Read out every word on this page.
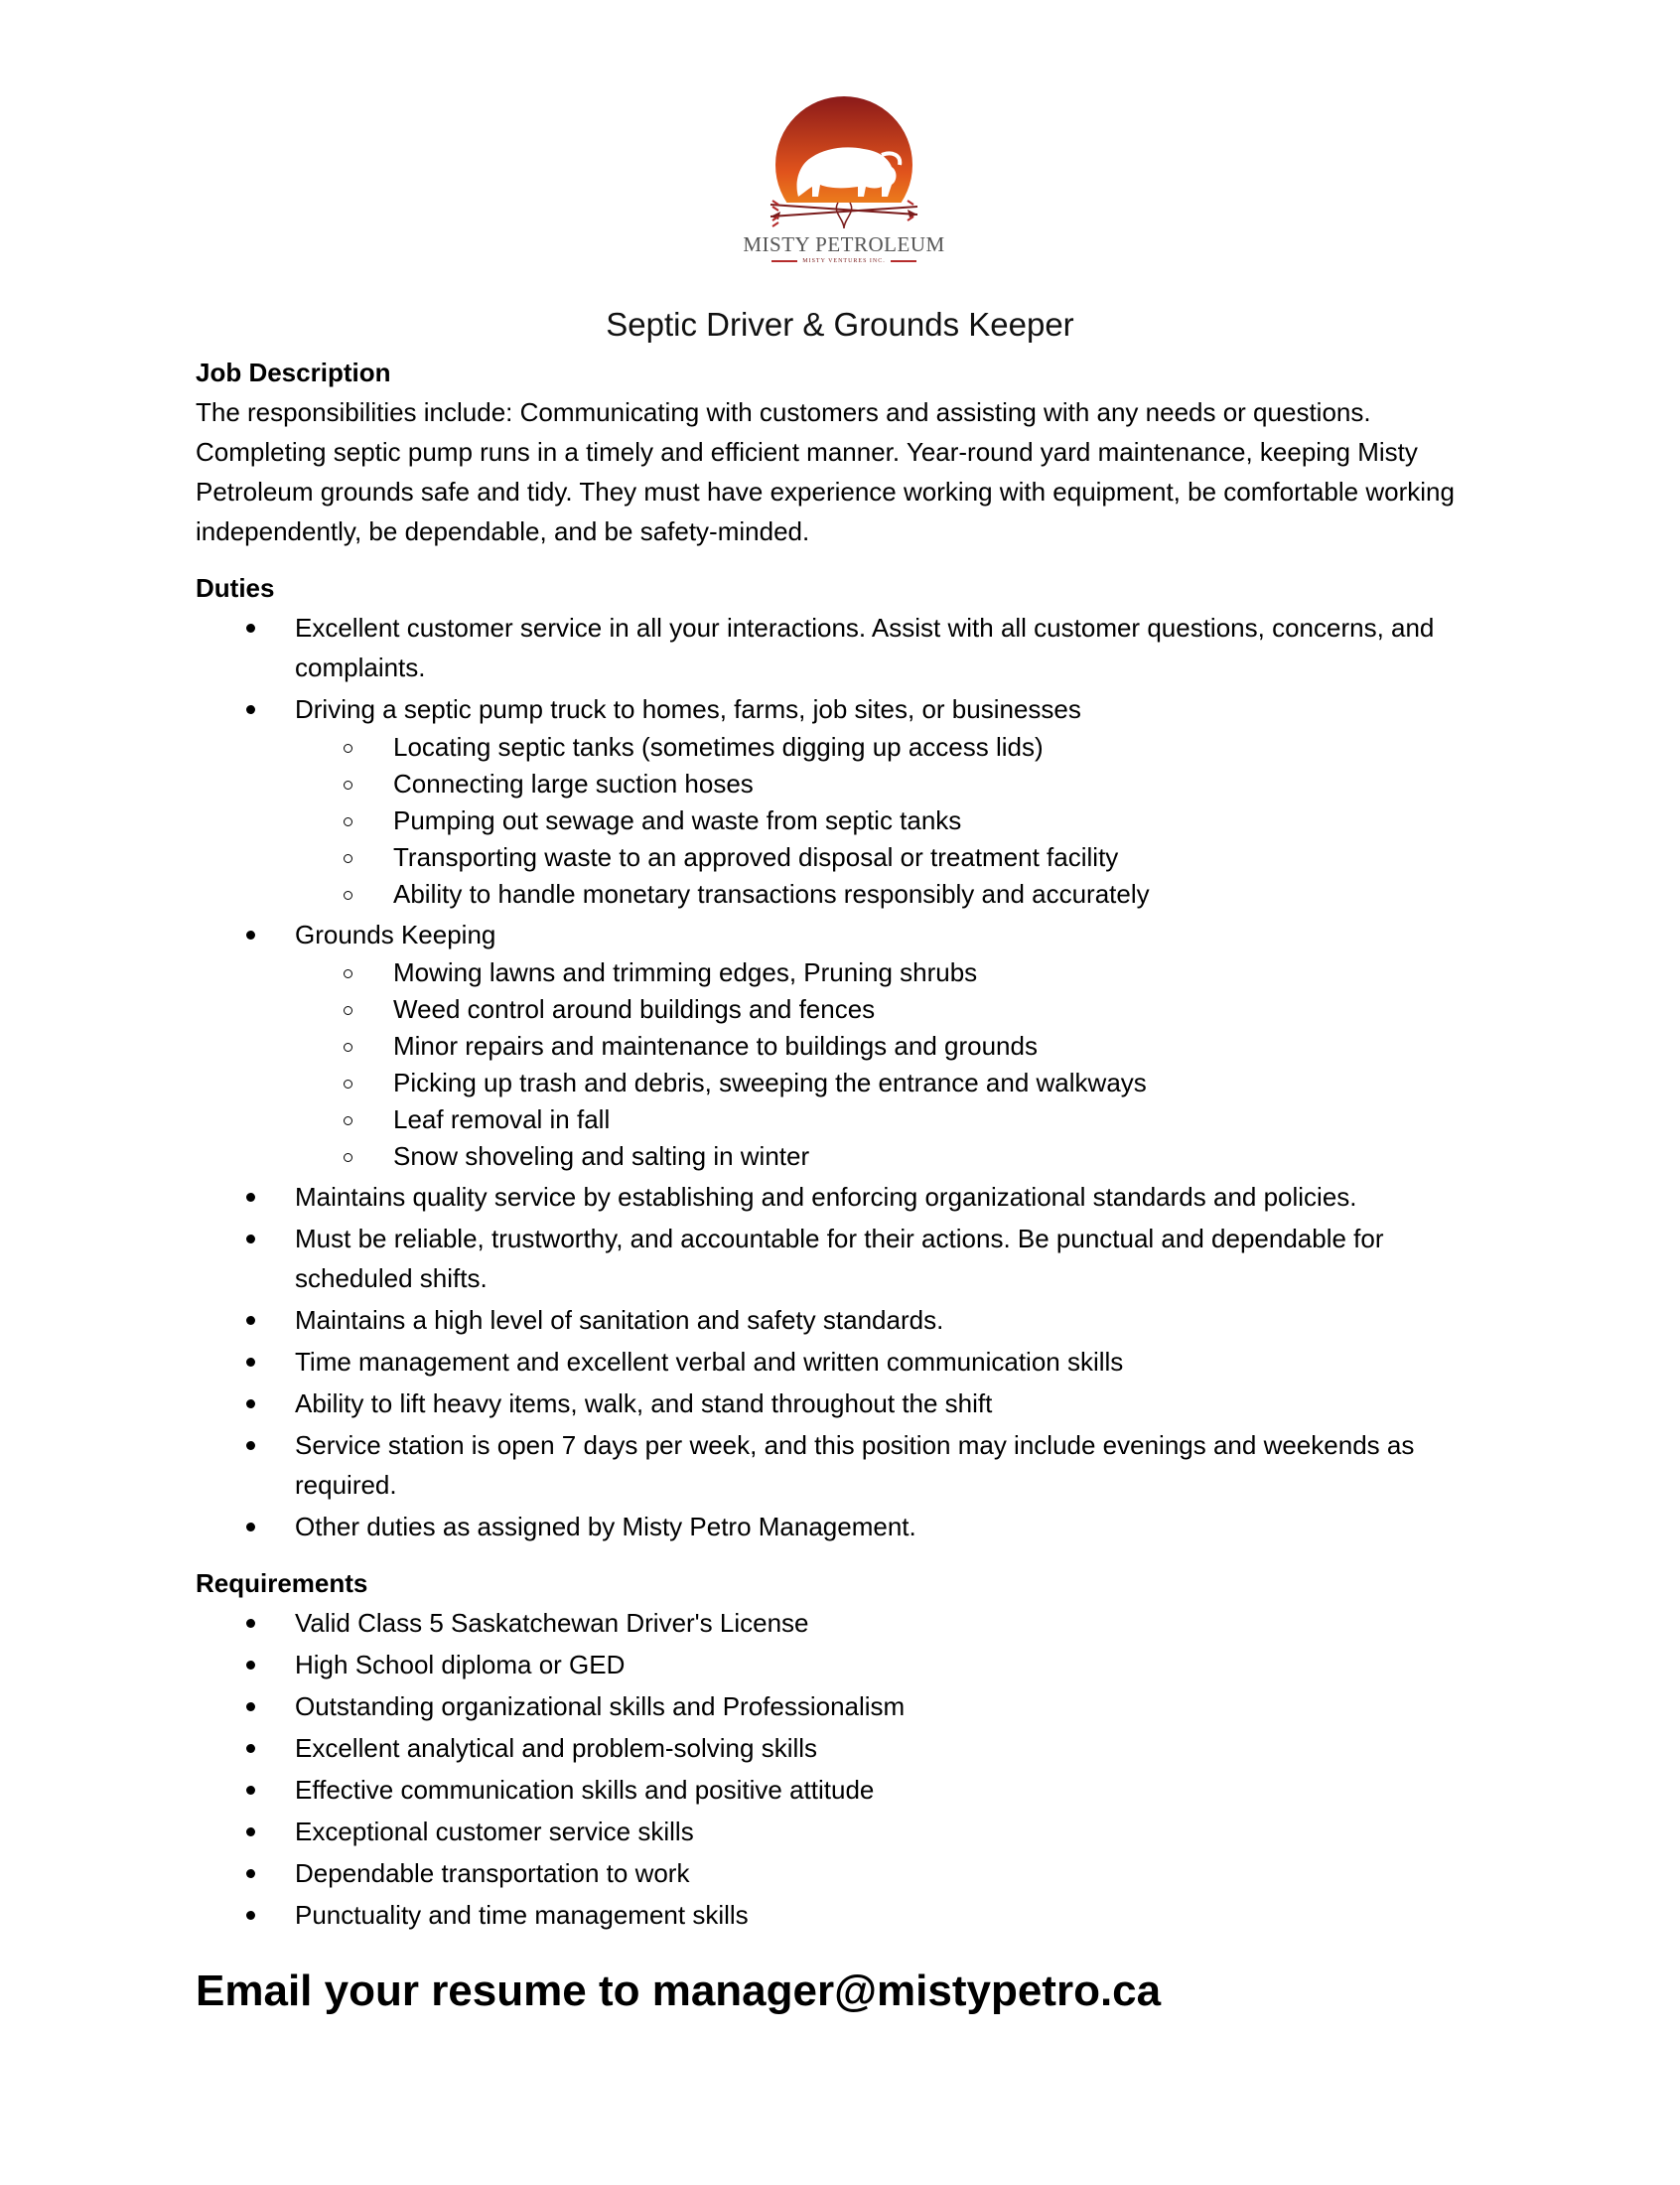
MISTY PETROLEUM
MISTY VENTURES INC.
Septic Driver & Grounds Keeper
Job Description

The responsibilities include: Communicating with customers and assisting with any needs or questions. Completing septic pump runs in a timely and efficient manner. Year-round yard maintenance, keeping Misty Petroleum grounds safe and tidy. They must have experience working with equipment, be comfortable working independently, be dependable, and be safety-minded.

Duties
Excellent customer service in all your interactions. Assist with all customer questions, concerns, and complaints.
Driving a septic pump truck to homes, farms, job sites, or businesses
Locating septic tanks (sometimes digging up access lids)
Connecting large suction hoses
Pumping out sewage and waste from septic tanks
Transporting waste to an approved disposal or treatment facility
Ability to handle monetary transactions responsibly and accurately
Grounds Keeping
Mowing lawns and trimming edges, Pruning shrubs
Weed control around buildings and fences
Minor repairs and maintenance to buildings and grounds
Picking up trash and debris, sweeping the entrance and walkways
Leaf removal in fall
Snow shoveling and salting in winter
Maintains quality service by establishing and enforcing organizational standards and policies.
Must be reliable, trustworthy, and accountable for their actions. Be punctual and dependable for scheduled shifts.
Maintains a high level of sanitation and safety standards.
Time management and excellent verbal and written communication skills
Ability to lift heavy items, walk, and stand throughout the shift
Service station is open 7 days per week, and this position may include evenings and weekends as required.
Other duties as assigned by Misty Petro Management.
Requirements
Valid Class 5 Saskatchewan Driver's License
High School diploma or GED
Outstanding organizational skills and Professionalism
Excellent analytical and problem-solving skills
Effective communication skills and positive attitude
Exceptional customer service skills
Dependable transportation to work
Punctuality and time management skills

Email your resume to manager@mistypetro.ca
